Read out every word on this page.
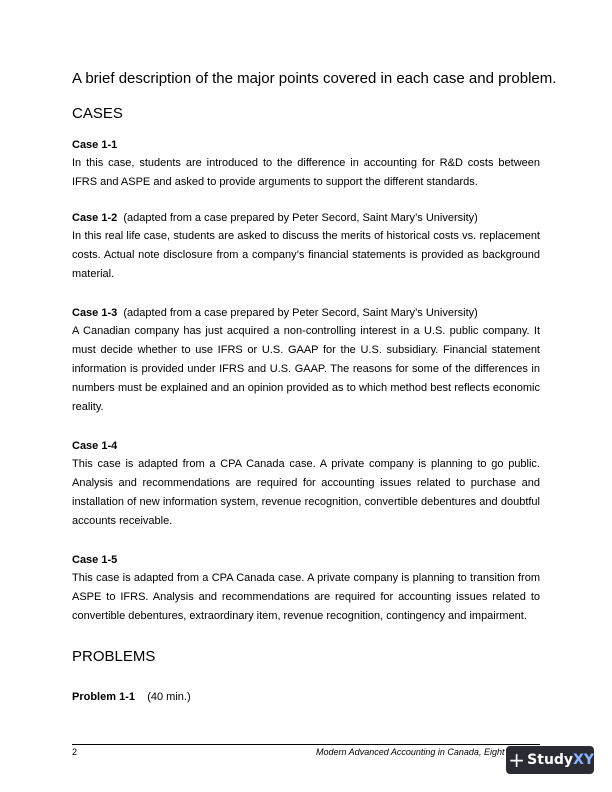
A brief description of the major points covered in each case and problem.
CASES

Case 1-1

In this case, students are introduced to the difference in accounting for R&D costs between IFRS and ASPE and asked to provide arguments to support the different standards.

Case 1-2 (adapted from a case prepared by Peter Secord, Saint Mary’s University)

In this real life case, students are asked to discuss the merits of historical costs vs. replacement costs. Actual note disclosure from a company’s financial statements is provided as background material.

Case 1-3 (adapted from a case prepared by Peter Secord, Saint Mary’s University)

A Canadian company has just acquired a non-controlling interest in a U.S. public company. It must decide whether to use IFRS or U.S. GAAP for the U.S. subsidiary. Financial statement information is provided under IFRS and U.S. GAAP. The reasons for some of the differences in numbers must be explained and an opinion provided as to which method best reflects economic reality.

Case 1-4

This case is adapted from a CPA Canada case. A private company is planning to go public. Analysis and recommendations are required for accounting issues related to purchase and installation of new information system, revenue recognition, convertible debentures and doubtful accounts receivable.

Case 1-5

This case is adapted from a CPA Canada case. A private company is planning to transition from ASPE to IFRS. Analysis and recommendations are required for accounting issues related to convertible debentures, extraordinary item, revenue recognition, contingency and impairment.

PROBLEMS

Problem 1-1 (40 min.)

2	Modern Advanced Accounting in Canada, Eight + StudyXY
